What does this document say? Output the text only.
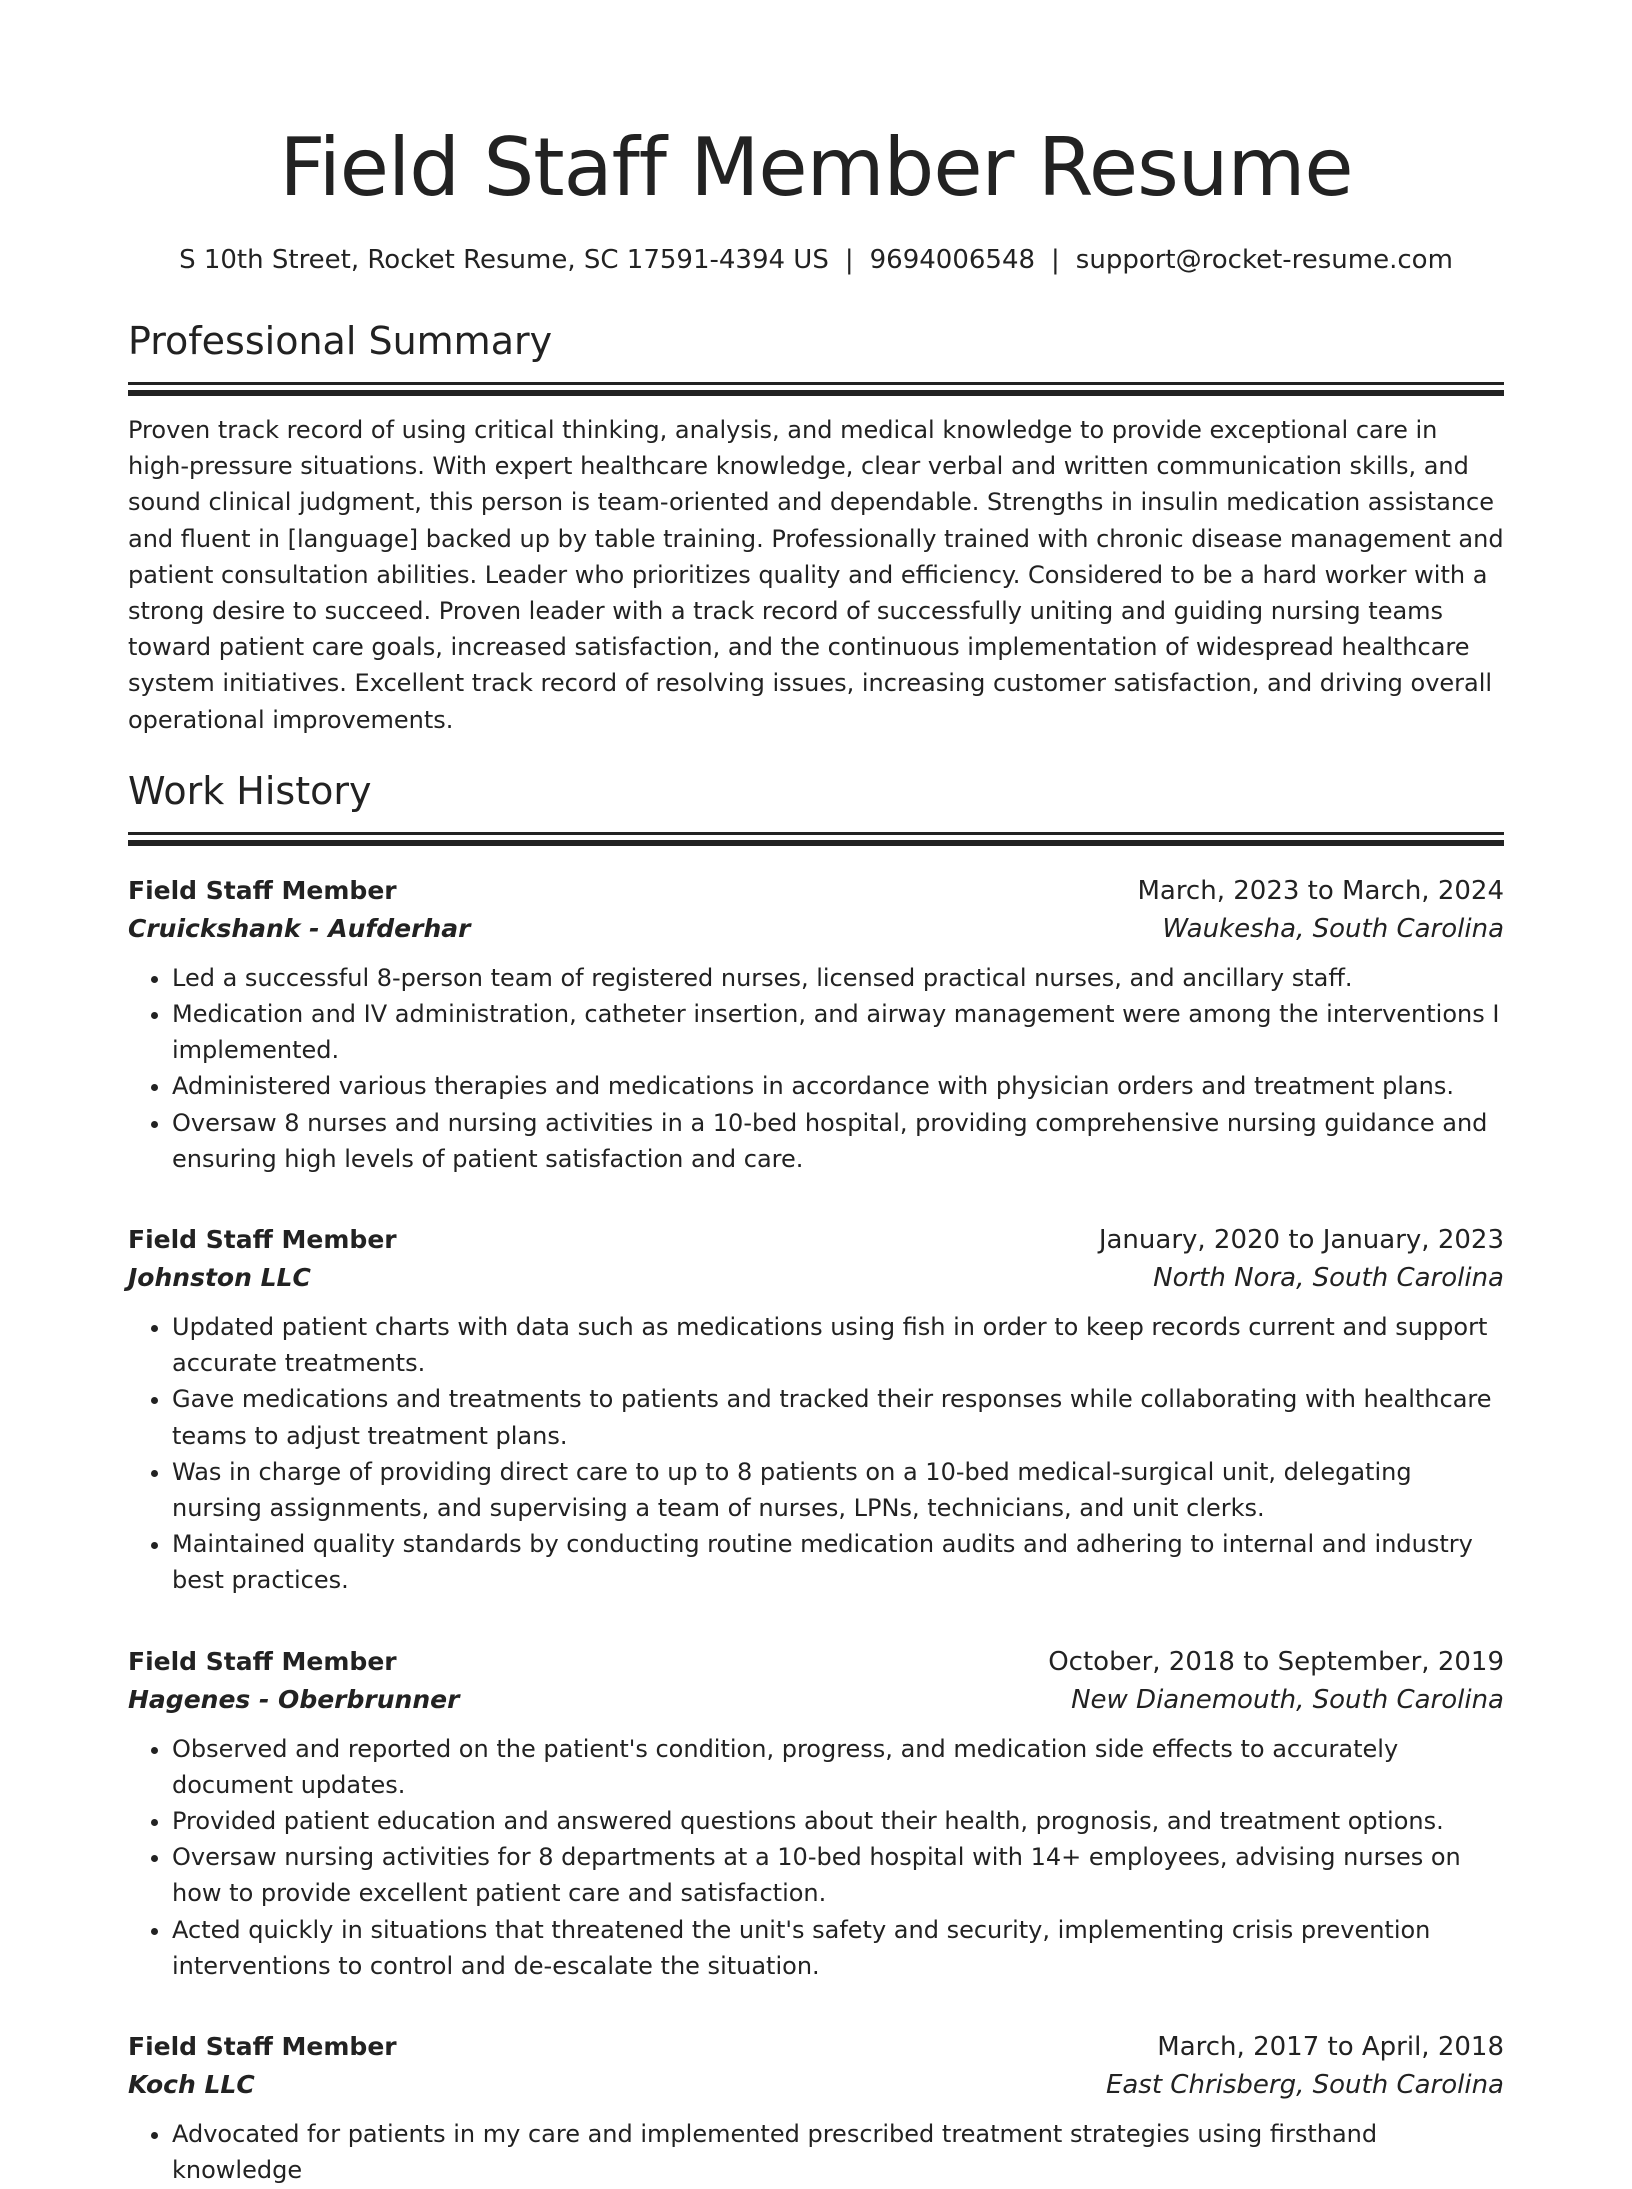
Field Staff Member Resume
S 10th Street, Rocket Resume, SC 17591-4394 US | 9694006548 | support@rocket-resume.com
Professional Summary

Proven track record of using critical thinking, analysis, and medical knowledge to provide exceptional care in high-pressure situations. With expert healthcare knowledge, clear verbal and written communication skills, and sound clinical judgment, this person is team-oriented and dependable. Strengths in insulin medication assistance and fluent in [language] backed up by table training. Professionally trained with chronic disease management and patient consultation abilities. Leader who prioritizes quality and efficiency. Considered to be a hard worker with a strong desire to succeed. Proven leader with a track record of successfully uniting and guiding nursing teams toward patient care goals, increased satisfaction, and the continuous implementation of widespread healthcare system initiatives. Excellent track record of resolving issues, increasing customer satisfaction, and driving overall operational improvements.

Work History
Field Staff Member	March, 2023 to March, 2024
Cruickshank - Aufderhar	Waukesha, South Carolina
• Led a successful 8-person team of registered nurses, licensed practical nurses, and ancillary staff.
• Medication and IV administration, catheter insertion, and airway management were among the interventions I implemented.
• Administered various therapies and medications in accordance with physician orders and treatment plans.
• Oversaw 8 nurses and nursing activities in a 10-bed hospital, providing comprehensive nursing guidance and ensuring high levels of patient satisfaction and care.
Field Staff Member	January, 2020 to January, 2023
Johnston LLC	North Nora, South Carolina
• Updated patient charts with data such as medications using fish in order to keep records current and support accurate treatments.
• Gave medications and treatments to patients and tracked their responses while collaborating with healthcare teams to adjust treatment plans.
• Was in charge of providing direct care to up to 8 patients on a 10-bed medical-surgical unit, delegating nursing assignments, and supervising a team of nurses, LPNs, technicians, and unit clerks.
• Maintained quality standards by conducting routine medication audits and adhering to internal and industry best practices.
Field Staff Member	October, 2018 to September, 2019
Hagenes - Oberbrunner	New Dianemouth, South Carolina
• Observed and reported on the patient's condition, progress, and medication side effects to accurately document updates.
• Provided patient education and answered questions about their health, prognosis, and treatment options.
• Oversaw nursing activities for 8 departments at a 10-bed hospital with 14+ employees, advising nurses on how to provide excellent patient care and satisfaction.
• Acted quickly in situations that threatened the unit's safety and security, implementing crisis prevention interventions to control and de-escalate the situation.
Field Staff Member	March, 2017 to April, 2018
Koch LLC	East Chrisberg, South Carolina
• Advocated for patients in my care and implemented prescribed treatment strategies using firsthand knowledge
